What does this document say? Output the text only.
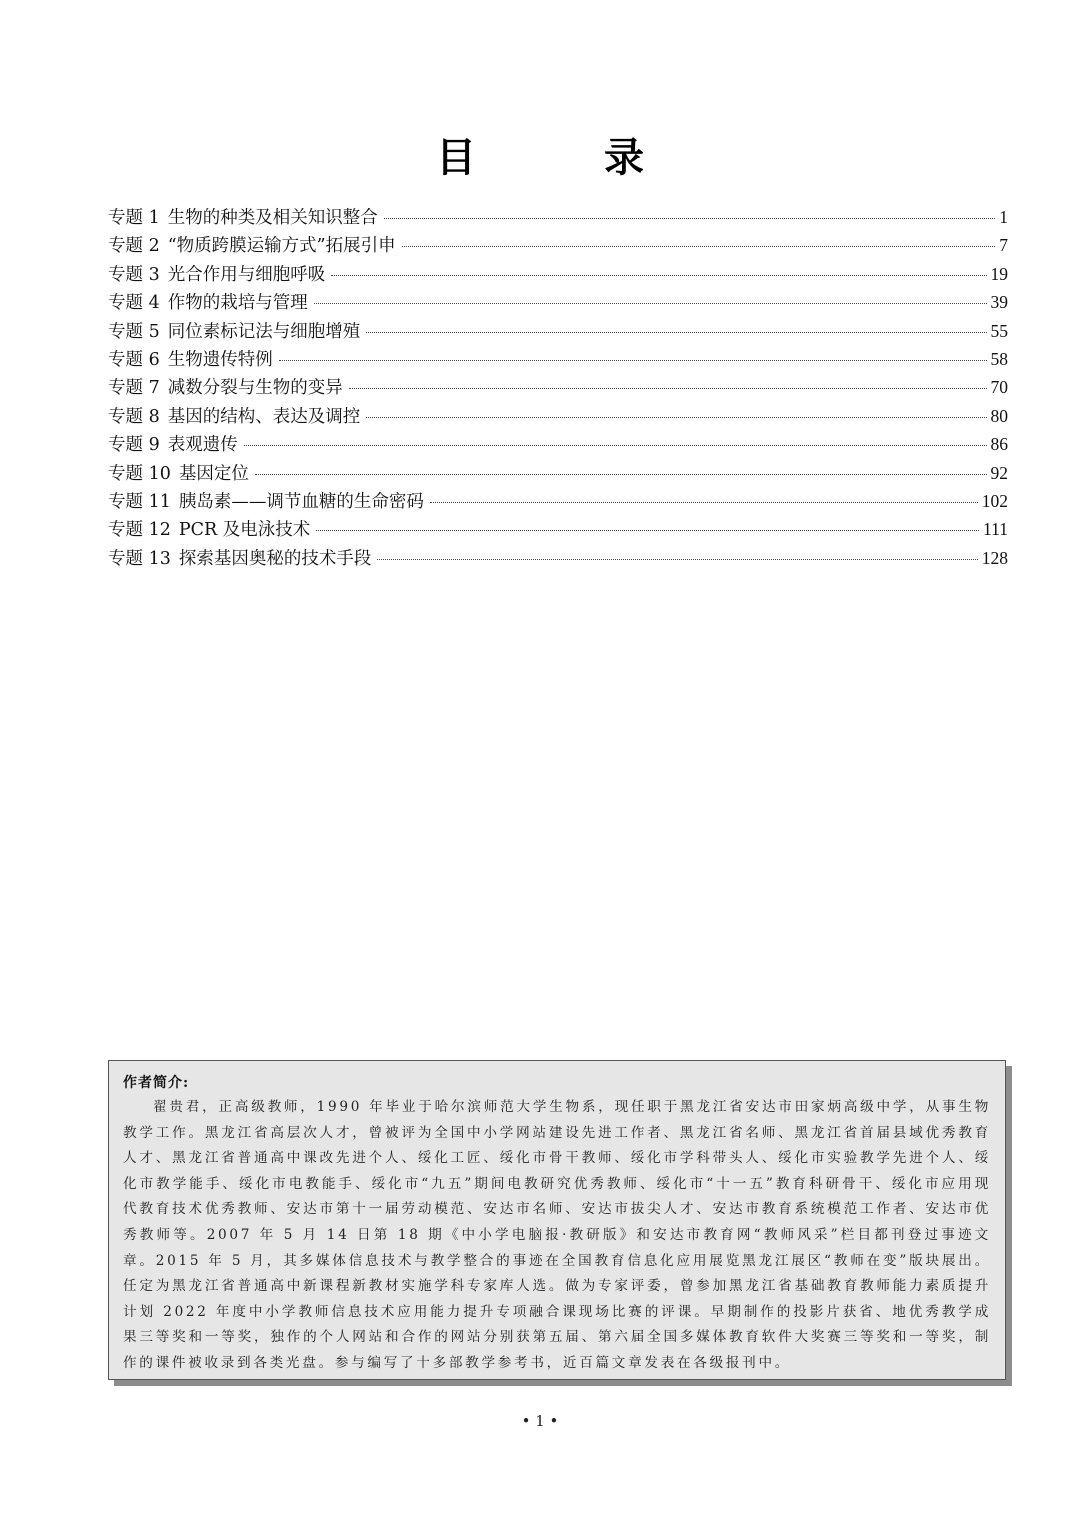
目　录
专题 1 生物的种类及相关知识整合	1
专题 2 “物质跨膜运输方式”拓展引申	7
专题 3 光合作用与细胞呼吸	19
专题 4 作物的栽培与管理	39
专题 5 同位素标记法与细胞增殖	55
专题 6 生物遗传特例	58
专题 7 减数分裂与生物的变异	70
专题 8 基因的结构、表达及调控	80
专题 9 表观遗传	86
专题 10 基因定位	92
专题 11 胰岛素——调节血糖的生命密码	102
专题 12 PCR 及电泳技术	111
专题 13 探索基因奥秘的技术手段	128
作者简介:

翟贵君，正高级教师，1990 年毕业于哈尔滨师范大学生物系，现任职于黑龙江省安达市田家炳高级中学，从事生物教学工作。黑龙江省高层次人才，曾被评为全国中小学网站建设先进工作者、黑龙江省名师、黑龙江省首届县域优秀教育人才、黑龙江省普通高中课改先进个人、绥化工匠、绥化市骨干教师、绥化市学科带头人、绥化市实验教学先进个人、绥化市教学能手、绥化市电教能手、绥化市“九五”期间电教研究优秀教师、绥化市“十一五”教育科研骨干、绥化市应用现代教育技术优秀教师、安达市第十一届劳动模范、安达市名师、安达市拔尖人才、安达市教育系统模范工作者、安达市优秀教师等。2007 年 5 月 14 日第 18 期《中小学电脑报·教研版》和安达市教育网“教师风采”栏目都刊登过事迹文章。2015 年 5 月，其多媒体信息技术与教学整合的事迹在全国教育信息化应用展览黑龙江展区“教师在变”版块展出。任定为黑龙江省普通高中新课程新教材实施学科专家库人选。做为专家评委，曾参加黑龙江省基础教育教师能力素质提升计划 2022 年度中小学教师信息技术应用能力提升专项融合课现场比赛的评课。早期制作的投影片获省、地优秀教学成果三等奖和一等奖，独作的个人网站和合作的网站分别获第五届、第六届全国多媒体教育软件大奖赛三等奖和一等奖，制作的课件被收录到各类光盘。参与编写了十多部教学参考书，近百篇文章发表在各级报刊中。

• 1 •
